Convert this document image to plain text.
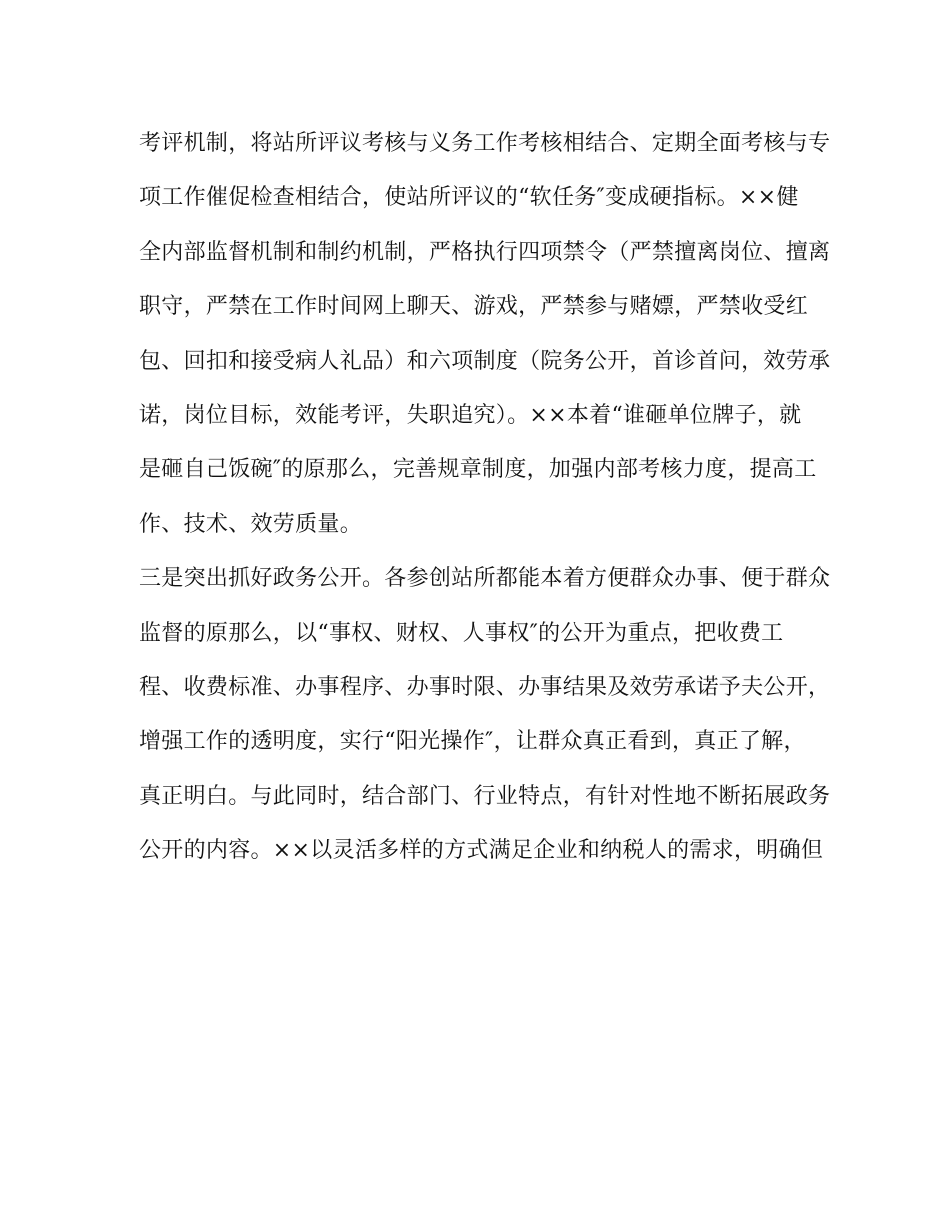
考评机制，将站所评议考核与义务工作考核相结合、定期全面考核与专
项工作催促检查相结合，使站所评议的“软任务″变成硬指标。××健
全内部监督机制和制约机制，严格执行四项禁令（严禁擅离岗位、擅离
职守，严禁在工作时间网上聊天、游戏，严禁参与赌嫖，严禁收受红
包、回扣和接受病人礼品）和六项制度（院务公开，首诊首问，效劳承
诺，岗位目标，效能考评，失职追究）。××本着“谁砸单位牌子，就
是砸自己饭碗″的原那么，完善规章制度，加强内部考核力度，提高工
作、技术、效劳质量。
三是突出抓好政务公开。各参创站所都能本着方便群众办事、便于群众
监督的原那么，以“事权、财权、人事权″的公开为重点，把收费工
程、收费标准、办事程序、办事时限、办事结果及效劳承诺予夫公开，
增强工作的透明度，实行“阳光操作″，让群众真正看到，真正了解，
真正明白。与此同时，结合部门、行业特点，有针对性地不断拓展政务
公开的内容。××以灵活多样的方式满足企业和纳税人的需求，明确但
